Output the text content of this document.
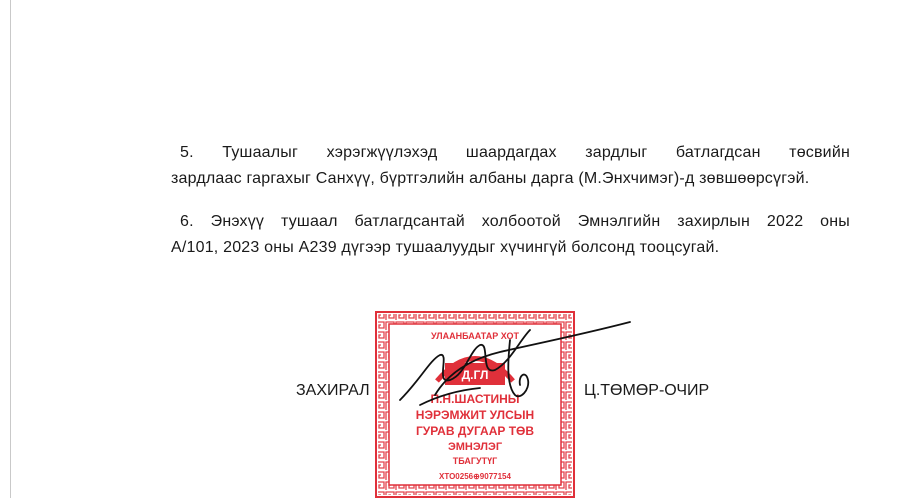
5. Тушаалыг хэрэгжүүлэхэд шаардагдах зардлыг батлагдсан төсвийн
зардлаас гаргахыг Санхүү, бүртгэлийн албаны дарга (М.Энхчимэг)-д зөвшөөрсүгэй.
6. Энэхүү тушаал батлагдсантай холбоотой Эмнэлгийн захирлын 2022 оны
А/101, 2023 оны А239 дүгээр тушаалуудыг хүчингүй болсонд тооцсугай.
УЛААНБААТАР ХОТ
Д.ГЛ
П.Н.ШАСТИНЫ
НЭРЭМЖИТ УЛСЫН
ГУРАВ ДУГААР ТӨВ
ЭМНЭЛЭГ
ТБАГУТҮГ
ХТО0256⊕9077154
ЗАХИРАЛ	Ц.ТӨМӨР-ОЧИР
